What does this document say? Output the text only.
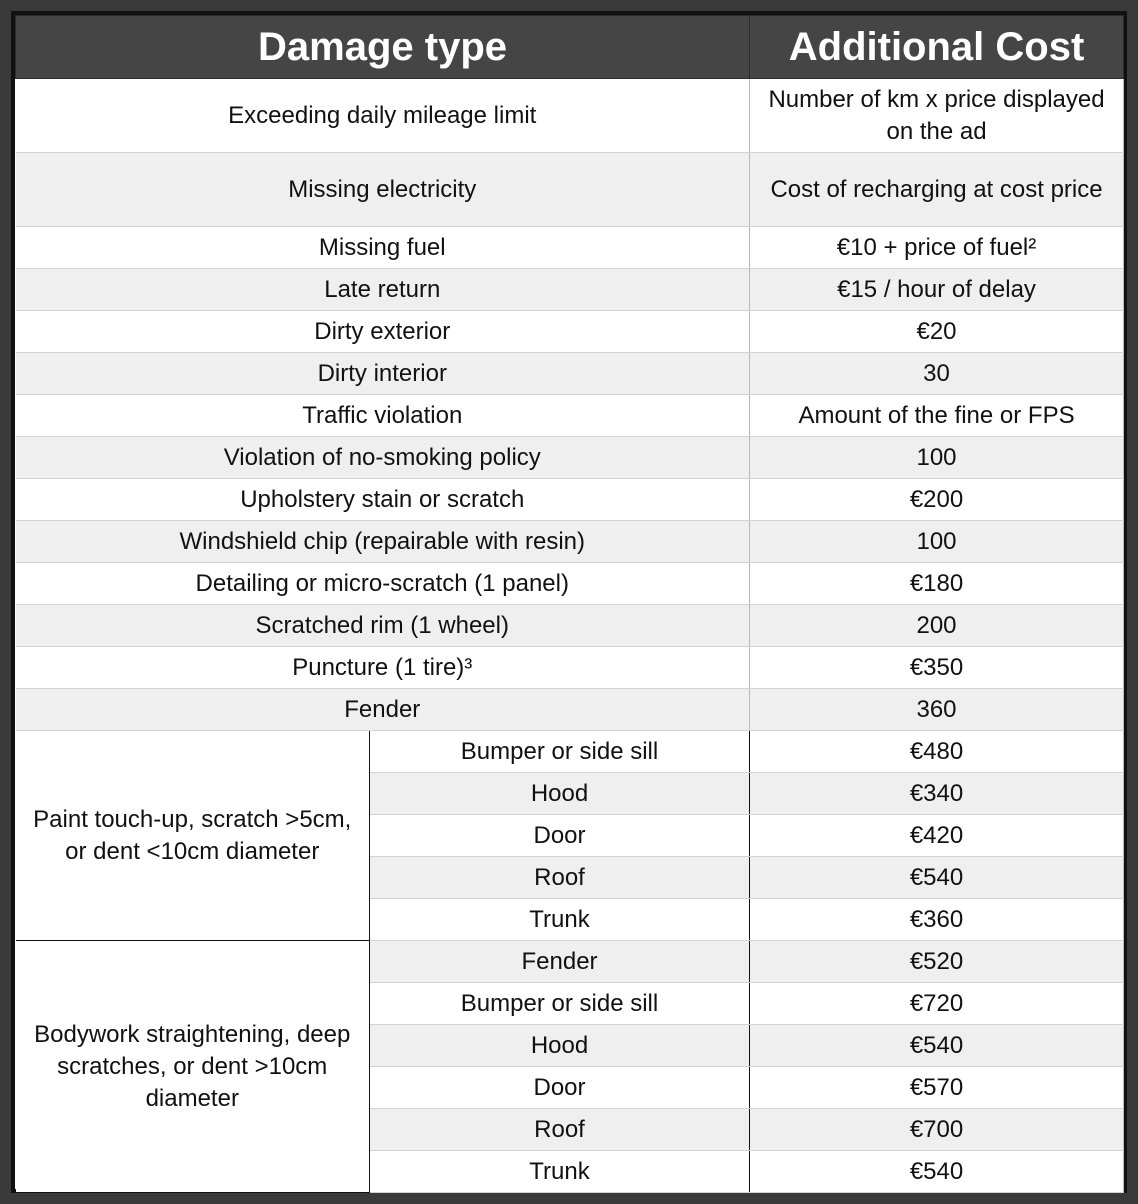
Damage type		Additional Cost
Exceeding daily mileage limit		Number of km x price displayed on the ad
Missing electricity		Cost of recharging at cost price
Missing fuel		€10 + price of fuel²
Late return		€15 / hour of delay
Dirty exterior		€20
Dirty interior		30
Traffic violation		Amount of the fine or FPS
Violation of no-smoking policy		100
Upholstery stain or scratch		€200
Windshield chip (repairable with resin)		100
Detailing or micro-scratch (1 panel)		€180
Scratched rim (1 wheel)		200
Puncture (1 tire)³		€350
Fender		360
Paint touch-up, scratch >5cm, or dent <10cm diameter	Bumper or side sill	€480
	Hood	€340
	Door	€420
	Roof	€540
	Trunk	€360
Bodywork straightening, deep scratches, or dent >10cm diameter	Fender	€520
	Bumper or side sill	€720
	Hood	€540
	Door	€570
	Roof	€700
	Trunk	€540
